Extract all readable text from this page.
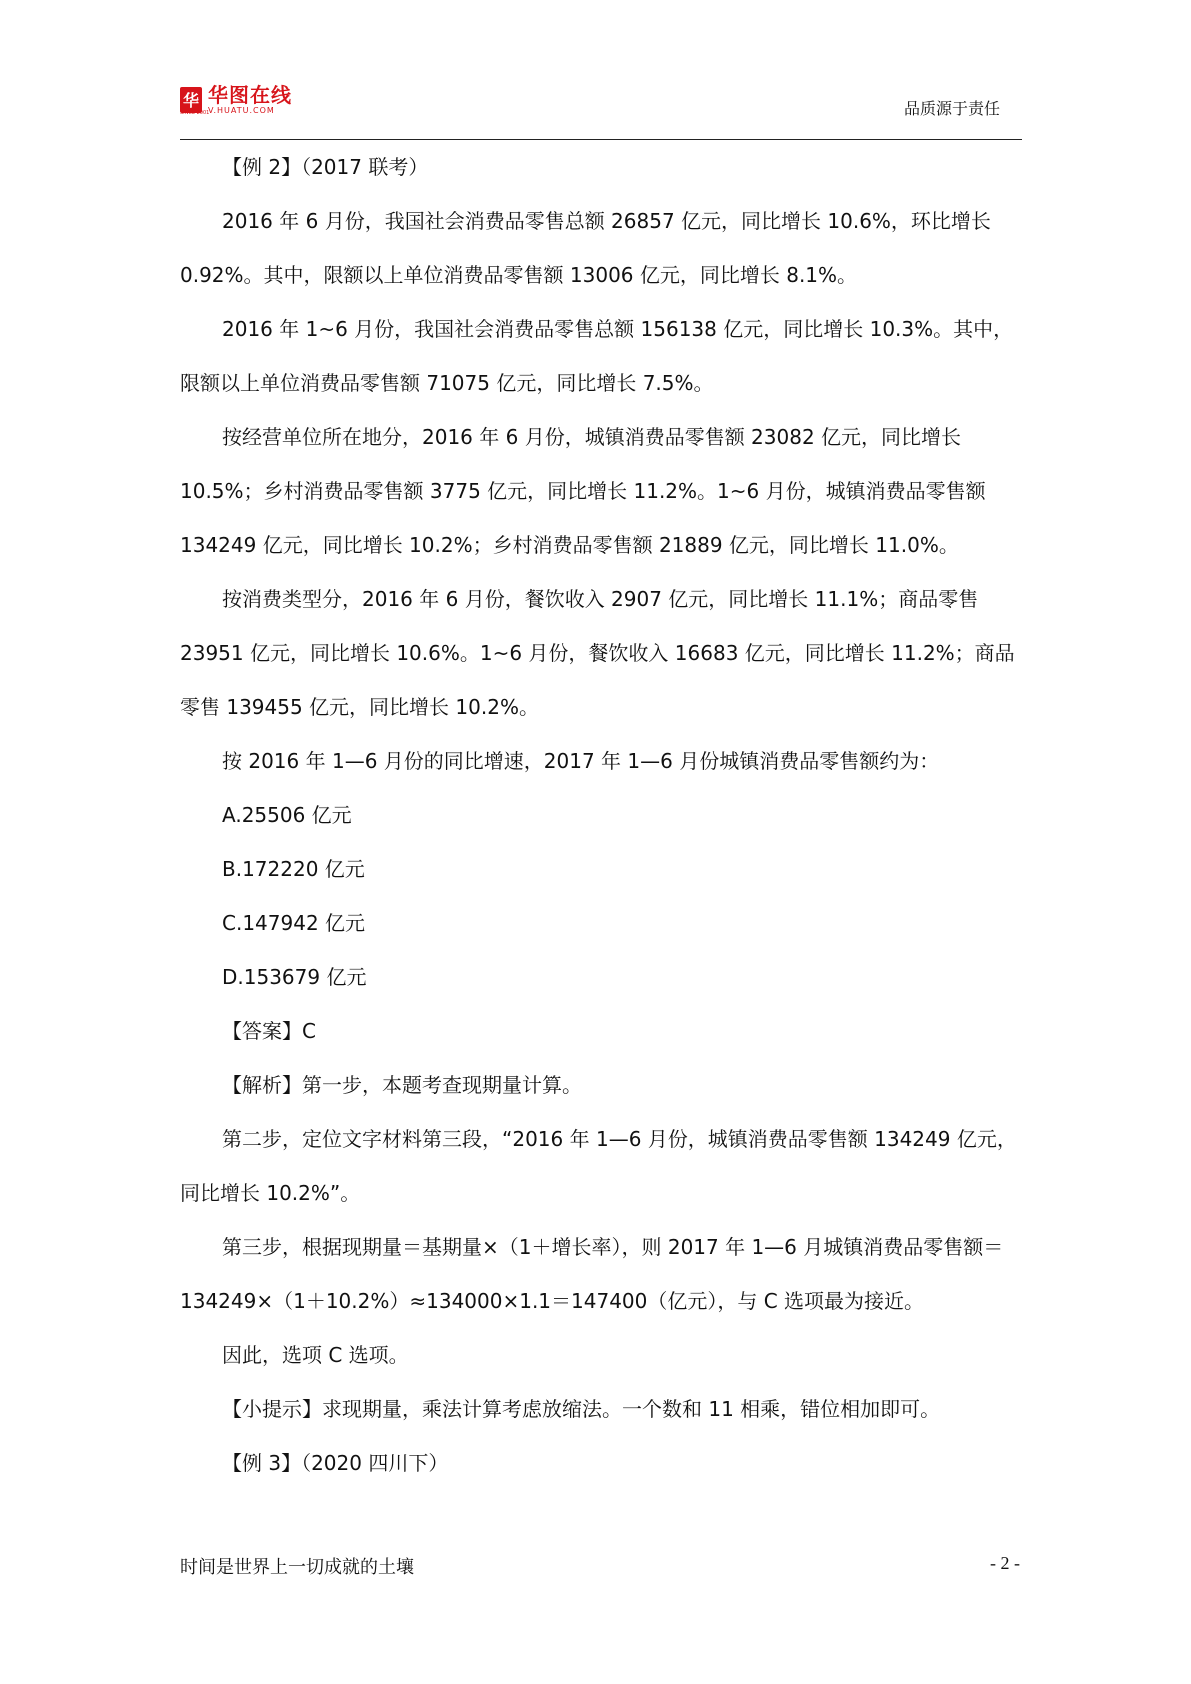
华 华图在线
V.HUATU.COM
SINCE 2001	品质源于责任

【例 2】（2017 联考）

2016 年 6 月份，我国社会消费品零售总额 26857 亿元，同比增长 10.6%，环比增长 0.92%。其中，限额以上单位消费品零售额 13006 亿元，同比增长 8.1%。

2016 年 1~6 月份，我国社会消费品零售总额 156138 亿元，同比增长 10.3%。其中，限额以上单位消费品零售额 71075 亿元，同比增长 7.5%。

按经营单位所在地分，2016 年 6 月份，城镇消费品零售额 23082 亿元，同比增长 10.5%；乡村消费品零售额 3775 亿元，同比增长 11.2%。1~6 月份，城镇消费品零售额 134249 亿元，同比增长 10.2%；乡村消费品零售额 21889 亿元，同比增长 11.0%。

按消费类型分，2016 年 6 月份，餐饮收入 2907 亿元，同比增长 11.1%；商品零售 23951 亿元，同比增长 10.6%。1~6 月份，餐饮收入 16683 亿元，同比增长 11.2%；商品零售 139455 亿元，同比增长 10.2%。

按 2016 年 1—6 月份的同比增速，2017 年 1—6 月份城镇消费品零售额约为：

A.25506 亿元

B.172220 亿元

C.147942 亿元

D.153679 亿元

【答案】C

【解析】第一步，本题考查现期量计算。

第二步，定位文字材料第三段，“2016 年 1—6 月份，城镇消费品零售额 134249 亿元，同比增长 10.2%”。

第三步，根据现期量＝基期量×（1＋增长率），则 2017 年 1—6 月城镇消费品零售额＝134249×（1＋10.2%）≈134000×1.1＝147400（亿元），与 C 选项最为接近。

因此，选项 C 选项。

【小提示】求现期量，乘法计算考虑放缩法。一个数和 11 相乘，错位相加即可。

【例 3】（2020 四川下）

时间是世界上一切成就的土壤	- 2 -
